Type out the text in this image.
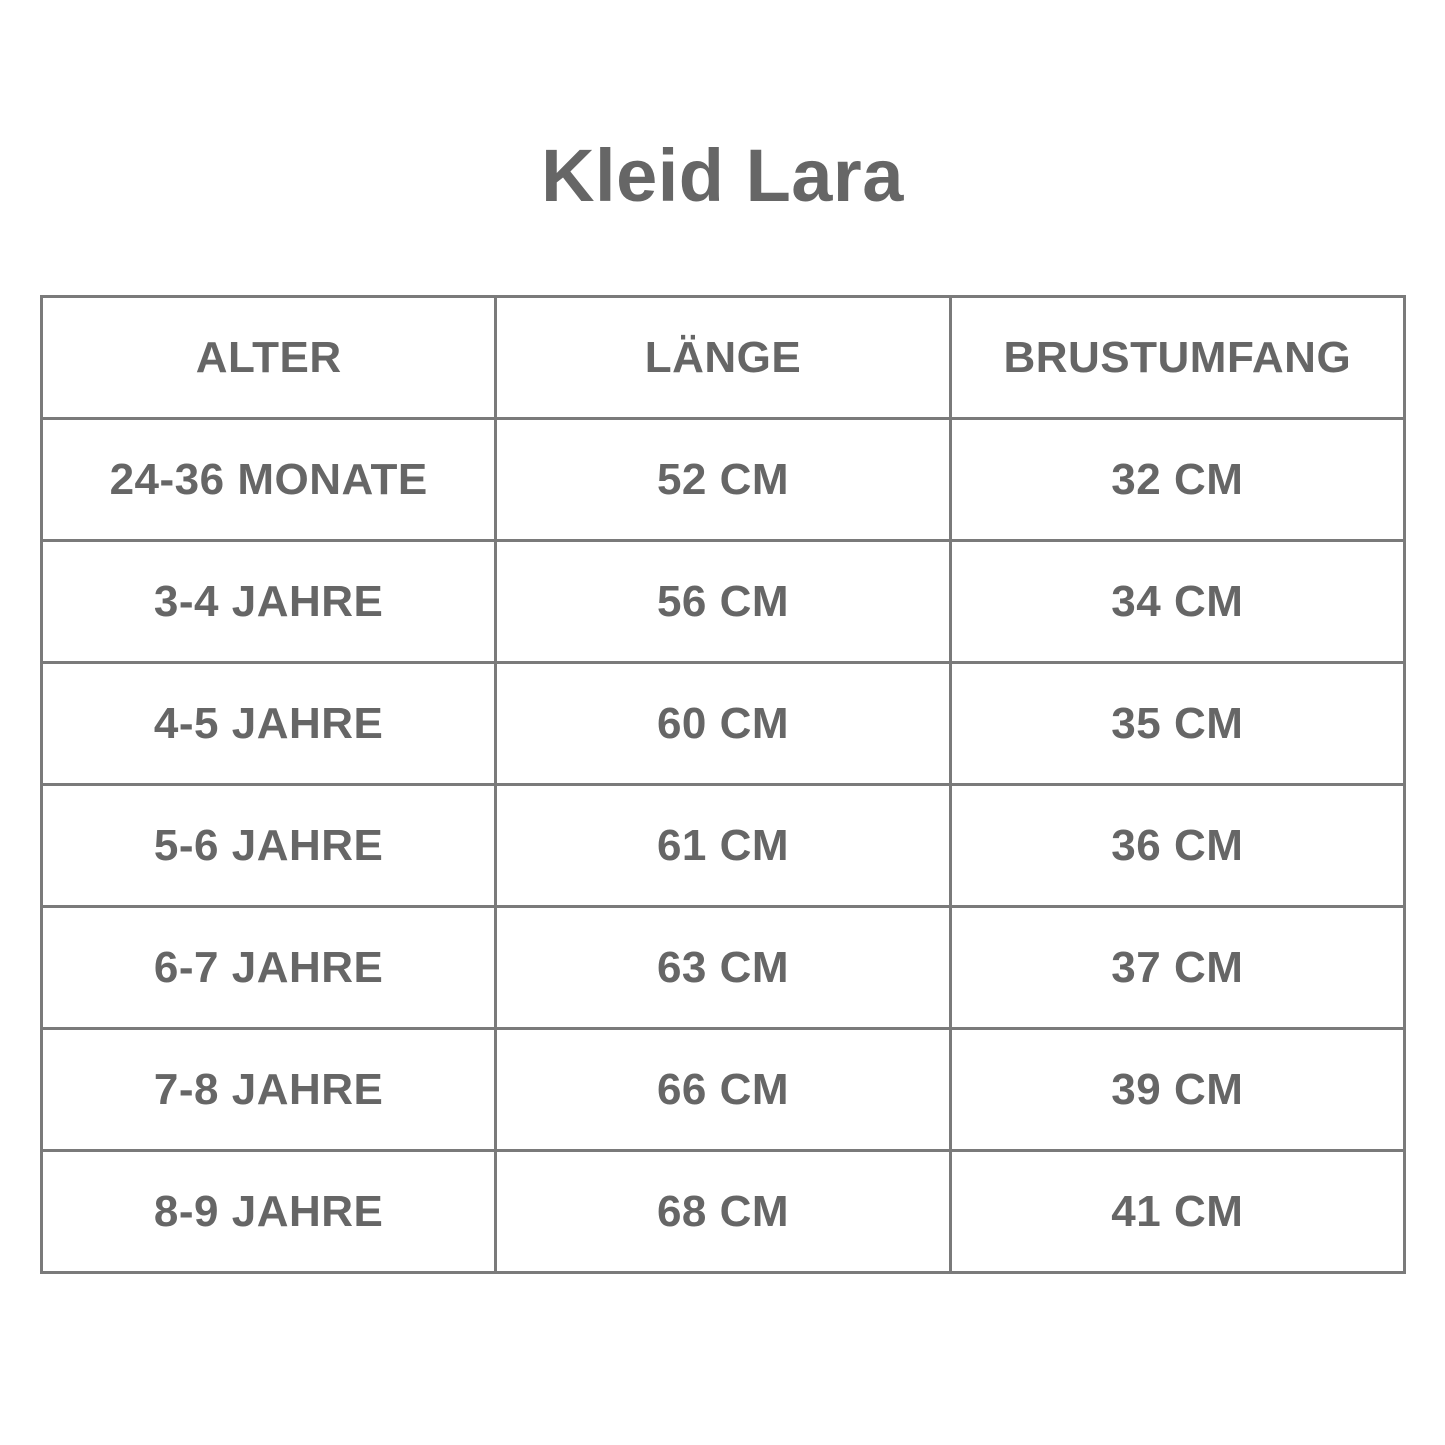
Kleid Lara
ALTER	LÄNGE	BRUSTUMFANG
24-36 MONATE	52 CM	32 CM
3-4 JAHRE	56 CM	34 CM
4-5 JAHRE	60 CM	35 CM
5-6 JAHRE	61 CM	36 CM
6-7 JAHRE	63 CM	37 CM
7-8 JAHRE	66 CM	39 CM
8-9 JAHRE	68 CM	41 CM
